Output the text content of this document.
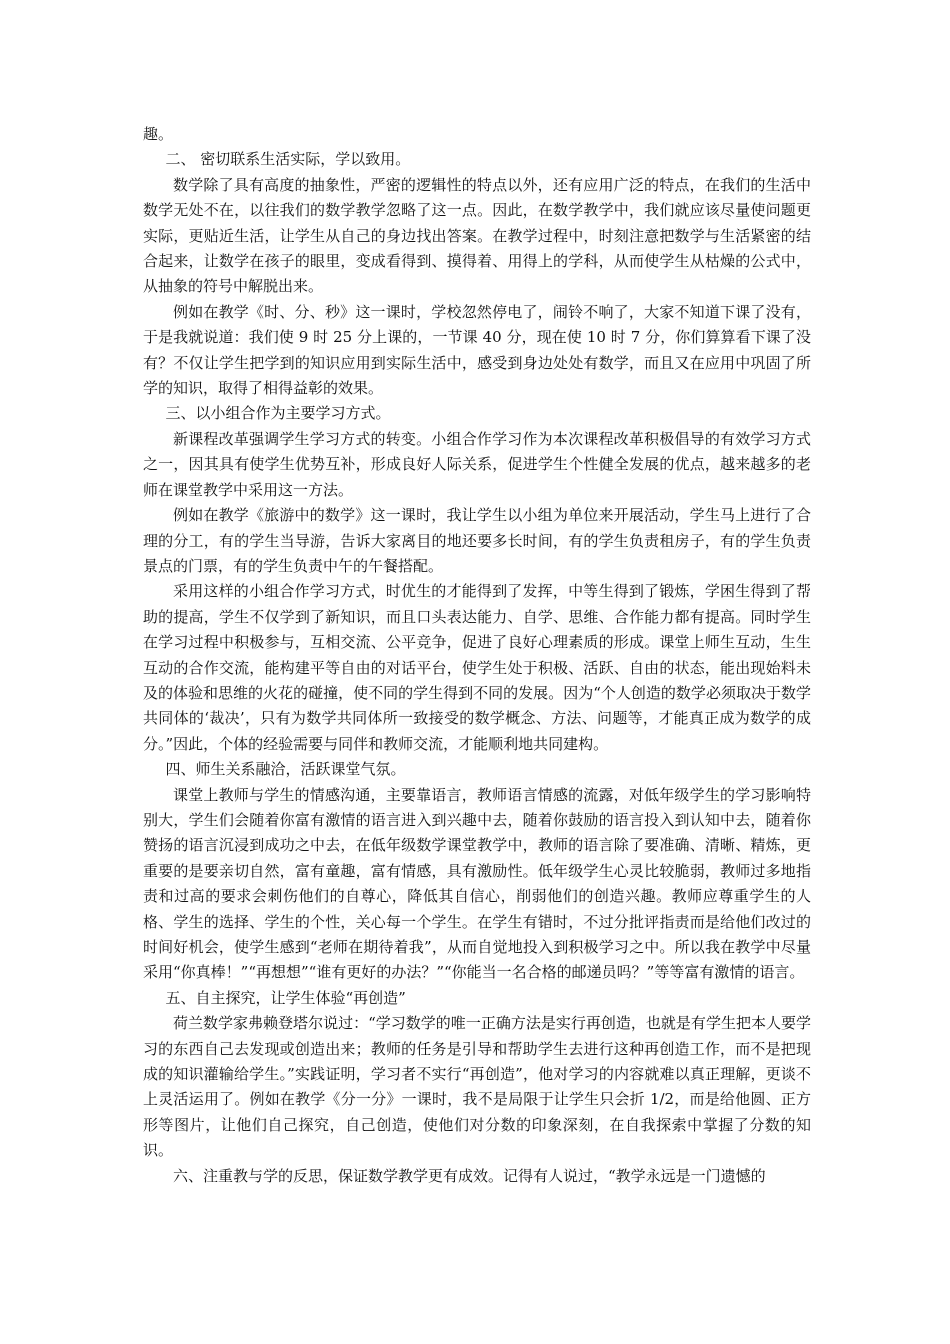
趣。

二、 密切联系生活实际，学以致用。

数学除了具有高度的抽象性，严密的逻辑性的特点以外，还有应用广泛的特点，在我们的生活中数学无处不在，以往我们的数学教学忽略了这一点。因此，在数学教学中，我们就应该尽量使问题更实际，更贴近生活，让学生从自己的身边找出答案。在教学过程中，时刻注意把数学与生活紧密的结合起来，让数学在孩子的眼里，变成看得到、摸得着、用得上的学科，从而使学生从枯燥的公式中，从抽象的符号中解脱出来。

例如在教学《时、分、秒》这一课时，学校忽然停电了，闹铃不响了，大家不知道下课了没有，于是我就说道：我们使 9 时 25 分上课的，一节课 40 分，现在使 10 时 7 分，你们算算看下课了没有？不仅让学生把学到的知识应用到实际生活中，感受到身边处处有数学，而且又在应用中巩固了所学的知识，取得了相得益彰的效果。

三、以小组合作为主要学习方式。

新课程改革强调学生学习方式的转变。小组合作学习作为本次课程改革积极倡导的有效学习方式之一，因其具有使学生优势互补，形成良好人际关系，促进学生个性健全发展的优点，越来越多的老师在课堂教学中采用这一方法。

例如在教学《旅游中的数学》这一课时，我让学生以小组为单位来开展活动，学生马上进行了合理的分工，有的学生当导游，告诉大家离目的地还要多长时间，有的学生负责租房子，有的学生负责景点的门票，有的学生负责中午的午餐搭配。

采用这样的小组合作学习方式，时优生的才能得到了发挥，中等生得到了锻炼，学困生得到了帮助的提高，学生不仅学到了新知识，而且口头表达能力、自学、思维、合作能力都有提高。同时学生在学习过程中积极参与，互相交流、公平竞争，促进了良好心理素质的形成。课堂上师生互动，生生互动的合作交流，能构建平等自由的对话平台，使学生处于积极、活跃、自由的状态，能出现始料未及的体验和思维的火花的碰撞，使不同的学生得到不同的发展。因为“个人创造的数学必须取决于数学共同体的‘裁决’，只有为数学共同体所一致接受的数学概念、方法、问题等，才能真正成为数学的成分。”因此，个体的经验需要与同伴和教师交流，才能顺利地共同建构。

四、师生关系融洽，活跃课堂气氛。

课堂上教师与学生的情感沟通，主要靠语言，教师语言情感的流露，对低年级学生的学习影响特别大，学生们会随着你富有激情的语言进入到兴趣中去，随着你鼓励的语言投入到认知中去，随着你赞扬的语言沉浸到成功之中去，在低年级数学课堂教学中，教师的语言除了要准确、清晰、精炼，更重要的是要亲切自然，富有童趣，富有情感，具有激励性。低年级学生心灵比较脆弱，教师过多地指责和过高的要求会刺伤他们的自尊心，降低其自信心，削弱他们的创造兴趣。教师应尊重学生的人格、学生的选择、学生的个性，关心每一个学生。在学生有错时，不过分批评指责而是给他们改过的时间好机会，使学生感到“老师在期待着我”，从而自觉地投入到积极学习之中。所以我在教学中尽量采用“你真棒！”“再想想”“谁有更好的办法？”“你能当一名合格的邮递员吗？”等等富有激情的语言。

五、自主探究，让学生体验“再创造”

荷兰数学家弗赖登塔尔说过：“学习数学的唯一正确方法是实行再创造，也就是有学生把本人要学习的东西自己去发现或创造出来；教师的任务是引导和帮助学生去进行这种再创造工作，而不是把现成的知识灌输给学生。”实践证明，学习者不实行“再创造”，他对学习的内容就难以真正理解，更谈不上灵活运用了。例如在教学《分一分》一课时，我不是局限于让学生只会折 1/2，而是给他圆、正方形等图片，让他们自己探究，自己创造，使他们对分数的印象深刻，在自我探索中掌握了分数的知识。

六、注重教与学的反思，保证数学教学更有成效。记得有人说过，“教学永远是一门遗憾的
